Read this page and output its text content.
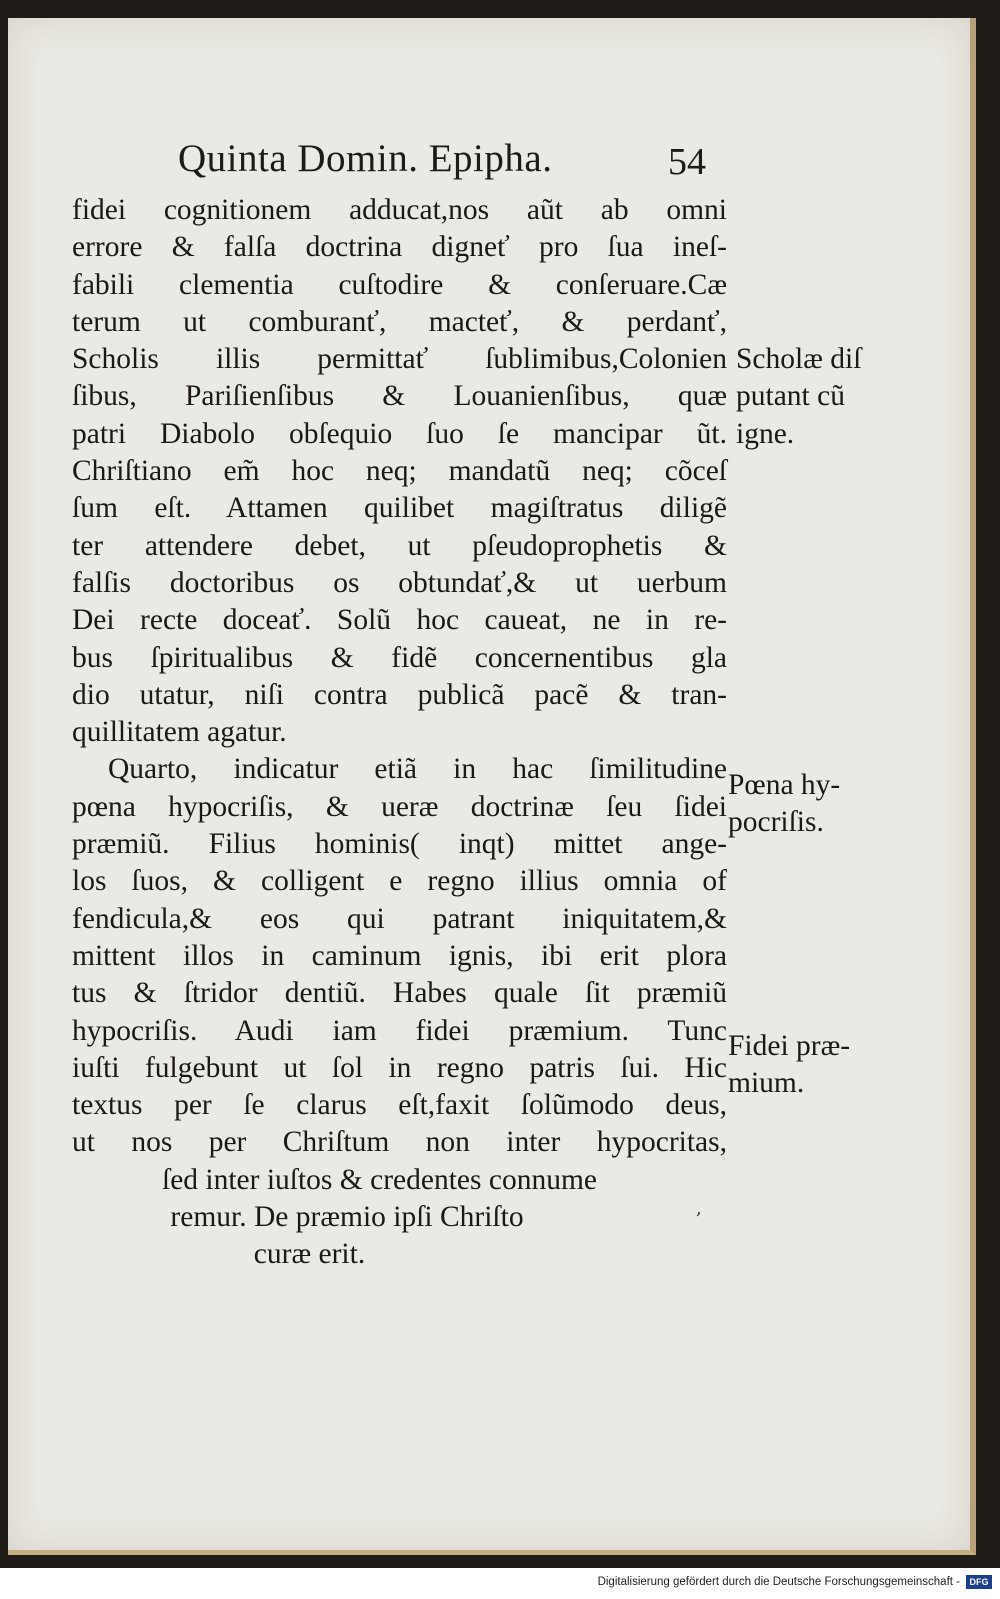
Quinta Domin. Epipha.	54
fidei cognitionem adducat,nos aũt ab omni
errore & falſa doctrina digneť pro ſua ineſ-
fabili clementia cuſtodire & conſeruare.Cæ
terum ut comburanť, macteť, & perdanť,
Scholis illis permittať ſublimibus,Colonien
ſibus, Pariſienſibus & Louanienſibus, quæ
patri Diabolo obſequio ſuo ſe mancipar ũt.
Chriſtiano em̃ hoc neq; mandatũ neq; cõceſ
ſum eſt. Attamen quilibet magiſtratus diligẽ
ter attendere debet, ut pſeudoprophetis &
falſis doctoribus os obtundať,& ut uerbum
Dei recte doceať. Solũ hoc caueat, ne in re-
bus ſpiritualibus & fidẽ concernentibus gla
dio utatur, niſi contra publicã pacẽ & tran-
quillitatem agatur.
Quarto, indicatur etiã in hac ſimilitudine
pœna hypocriſis, & ueræ doctrinæ ſeu ſidei
præmiũ. Filius hominis( inqt) mittet ange-
los ſuos, & colligent e regno illius omnia of
fendicula,& eos qui patrant iniquitatem,&
mittent illos in caminum ignis, ibi erit plora
tus & ſtridor dentiũ. Habes quale ſit præmiũ
hypocriſis. Audi iam fidei præmium. Tunc
iuſti fulgebunt ut ſol in regno patris ſui. Hic
textus per ſe clarus eſt,faxit ſolũmodo deus,
ut nos per Chriſtum non inter hypocritas,
ſed inter iuſtos & credentes connume
remur. De præmio ipſi Chriſto
curæ erit.
Scholæ diſ
putant cũ
igne.
Pœna hy-
pocriſis.
Fidei præ-
mium.
,
Digitalisierung gefördert durch die Deutsche Forschungsgemeinschaft -	DFG
